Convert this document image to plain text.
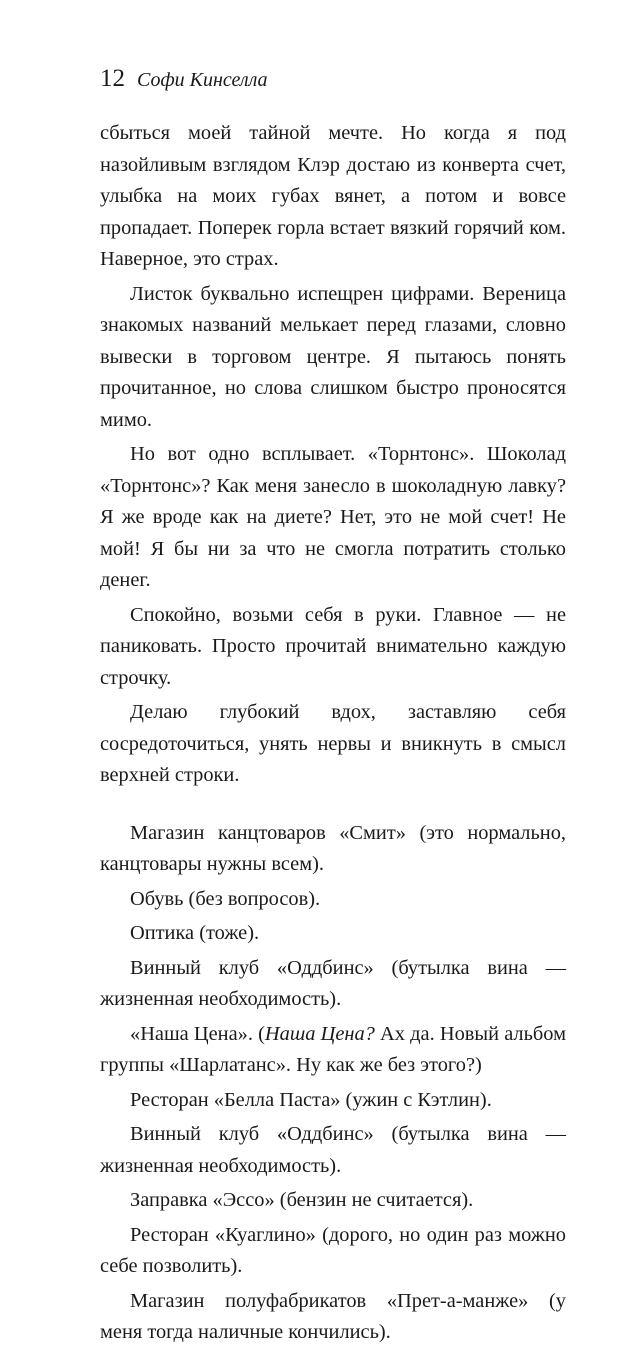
12 Софи Кинселла

сбыться моей тайной мечте. Но когда я под назойливым взглядом Клэр достаю из конверта счет, улыбка на моих губах вянет, а потом и вовсе пропадает. Поперек горла встает вязкий горячий ком. Наверное, это страх.

Листок буквально испещрен цифрами. Вереница знакомых названий мелькает перед глазами, словно вывески в торговом центре. Я пытаюсь понять прочитанное, но слова слишком быстро проносятся мимо.

Но вот одно всплывает. «Торнтонс». Шоколад «Торнтонс»? Как меня занесло в шоколадную лавку? Я же вроде как на диете? Нет, это не мой счет! Не мой! Я бы ни за что не смогла потратить столько денег.

Спокойно, возьми себя в руки. Главное — не паниковать. Просто прочитай внимательно каждую строчку.

Делаю глубокий вдох, заставляю себя сосредоточиться, унять нервы и вникнуть в смысл верхней строки.

Магазин канцтоваров «Смит» (это нормально, канцтовары нужны всем).

Обувь (без вопросов).

Оптика (тоже).

Винный клуб «Оддбинс» (бутылка вина — жизненная необходимость).

«Наша Цена». (Наша Цена? Ах да. Новый альбом группы «Шарлатанс». Ну как же без этого?)

Ресторан «Белла Паста» (ужин с Кэтлин).

Винный клуб «Оддбинс» (бутылка вина — жизненная необходимость).

Заправка «Эссо» (бензин не считается).

Ресторан «Куаглино» (дорого, но один раз можно себе позволить).

Магазин полуфабрикатов «Прет-а-манже» (у меня тогда наличные кончились).
